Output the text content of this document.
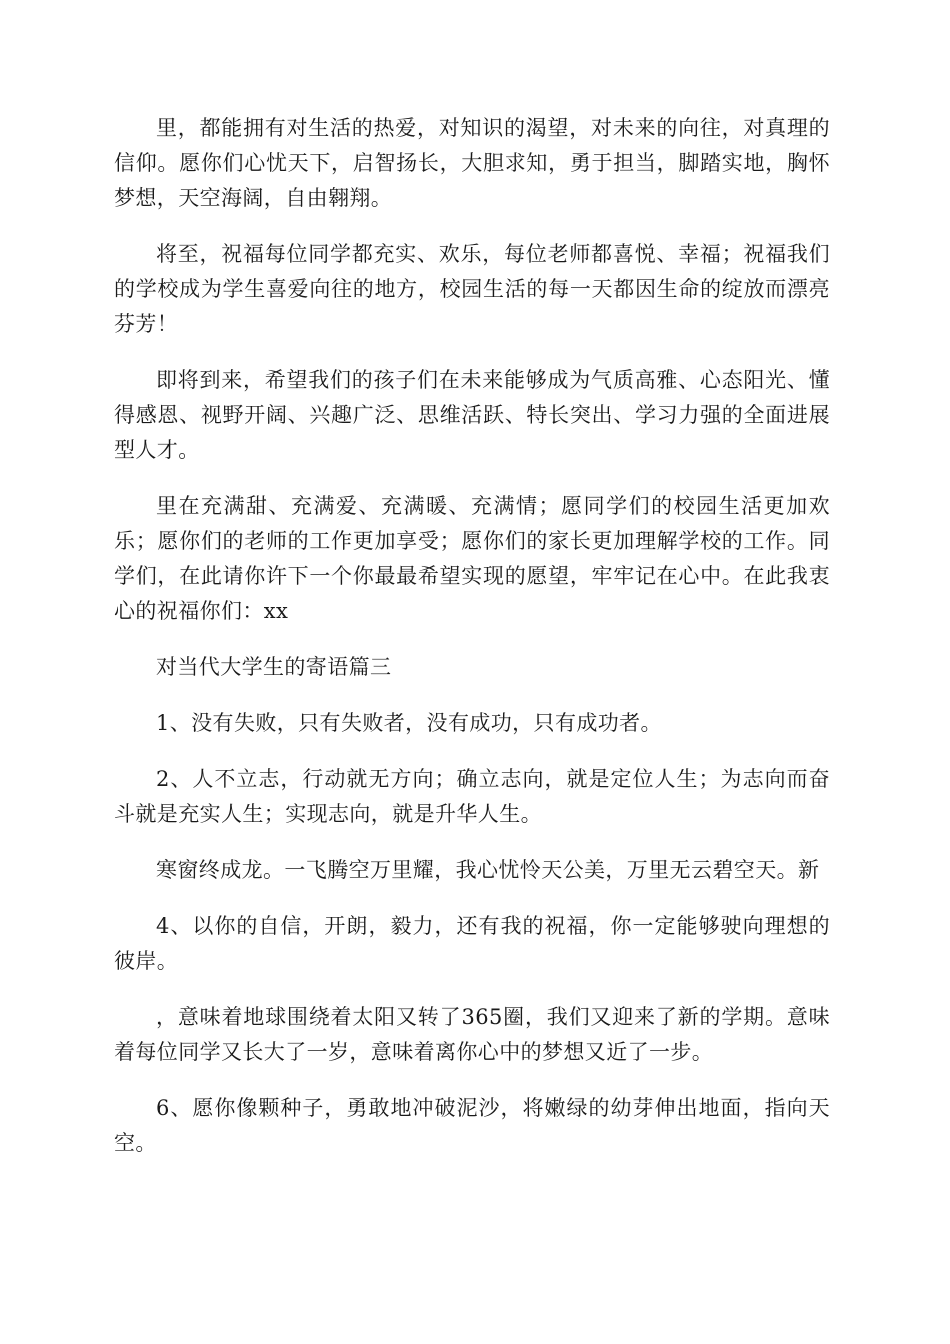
里，都能拥有对生活的热爱，对知识的渴望，对未来的向往，对真理的信仰。愿你们心忧天下，启智扬长，大胆求知，勇于担当，脚踏实地，胸怀梦想，天空海阔，自由翱翔。

将至，祝福每位同学都充实、欢乐，每位老师都喜悦、幸福；祝福我们的学校成为学生喜爱向往的地方，校园生活的每一天都因生命的绽放而漂亮芬芳！

即将到来，希望我们的孩子们在未来能够成为气质高雅、心态阳光、懂得感恩、视野开阔、兴趣广泛、思维活跃、特长突出、学习力强的全面进展型人才。

里在充满甜、充满爱、充满暖、充满情；愿同学们的校园生活更加欢乐；愿你们的老师的工作更加享受；愿你们的家长更加理解学校的工作。同学们，在此请你许下一个你最最希望实现的愿望，牢牢记在心中。在此我衷心的祝福你们：xx

对当代大学生的寄语篇三

1、没有失败，只有失败者，没有成功，只有成功者。

2、人不立志，行动就无方向；确立志向，就是定位人生；为志向而奋斗就是充实人生；实现志向，就是升华人生。

寒窗终成龙。一飞腾空万里耀，我心忧怜天公美，万里无云碧空天。新

4、以你的自信，开朗，毅力，还有我的祝福，你一定能够驶向理想的彼岸。

，意味着地球围绕着太阳又转了365圈，我们又迎来了新的学期。意味着每位同学又长大了一岁，意味着离你心中的梦想又近了一步。

6、愿你像颗种子，勇敢地冲破泥沙，将嫩绿的幼芽伸出地面，指向天空。
